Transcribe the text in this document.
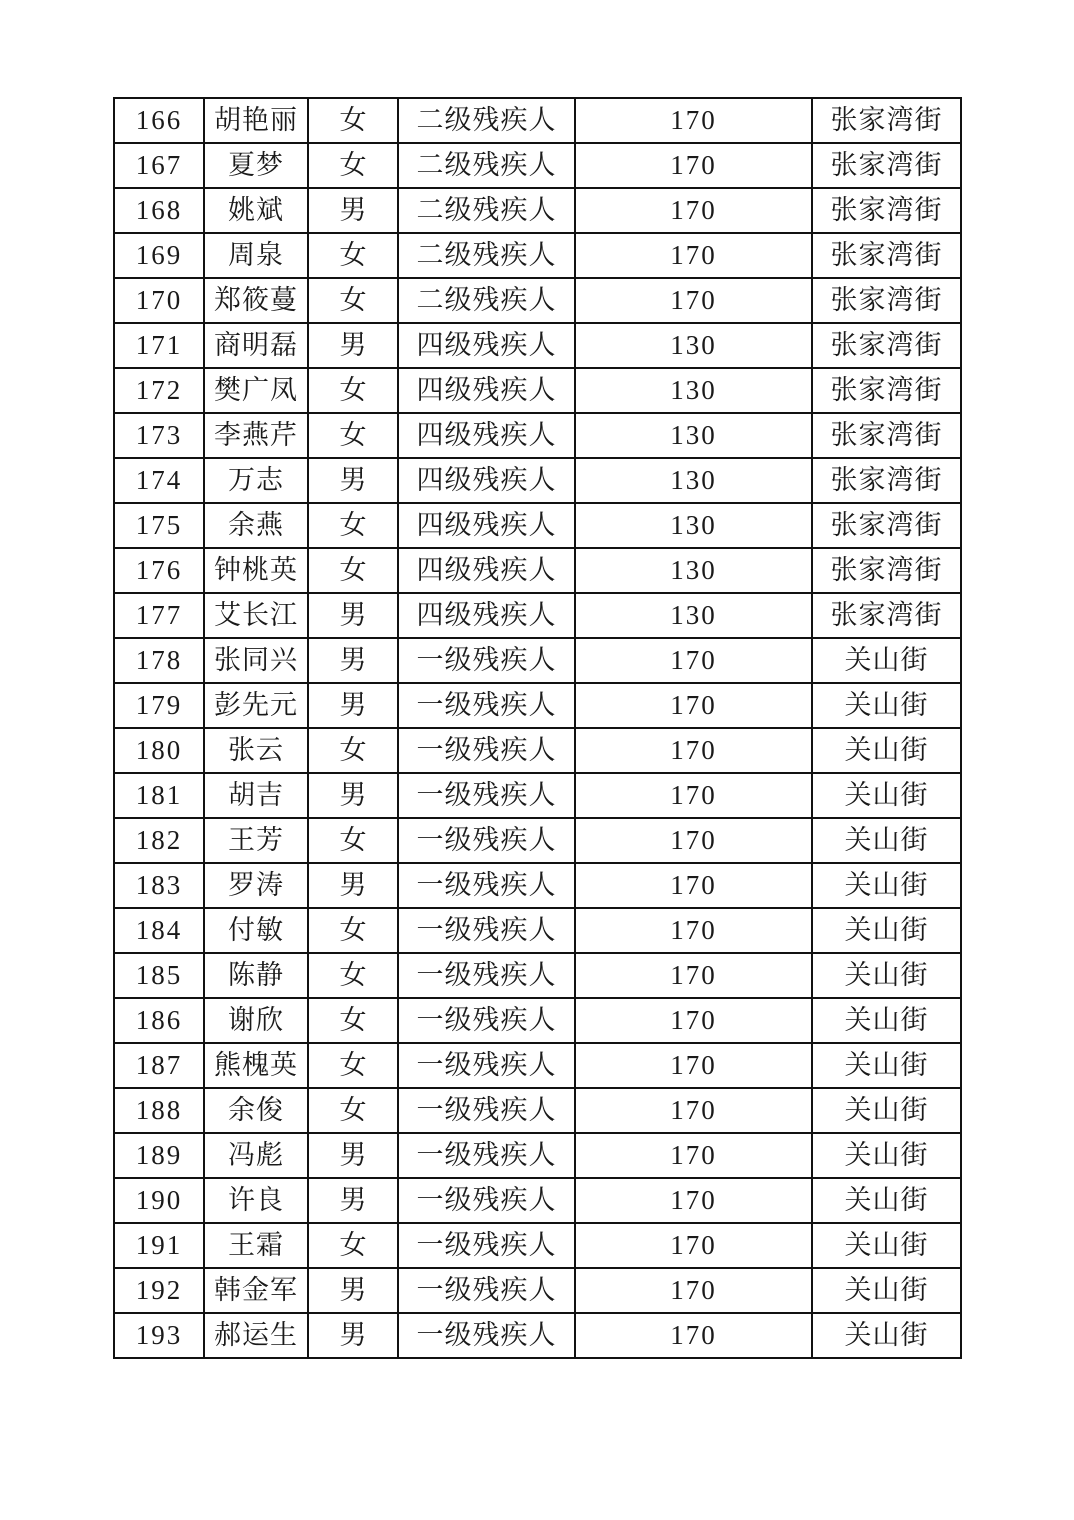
166	胡艳丽	女	二级残疾人	170	张家湾街
167	夏梦	女	二级残疾人	170	张家湾街
168	姚斌	男	二级残疾人	170	张家湾街
169	周泉	女	二级残疾人	170	张家湾街
170	郑筱蔓	女	二级残疾人	170	张家湾街
171	商明磊	男	四级残疾人	130	张家湾街
172	樊广凤	女	四级残疾人	130	张家湾街
173	李燕芹	女	四级残疾人	130	张家湾街
174	万志	男	四级残疾人	130	张家湾街
175	余燕	女	四级残疾人	130	张家湾街
176	钟桃英	女	四级残疾人	130	张家湾街
177	艾长江	男	四级残疾人	130	张家湾街
178	张同兴	男	一级残疾人	170	关山街
179	彭先元	男	一级残疾人	170	关山街
180	张云	女	一级残疾人	170	关山街
181	胡吉	男	一级残疾人	170	关山街
182	王芳	女	一级残疾人	170	关山街
183	罗涛	男	一级残疾人	170	关山街
184	付敏	女	一级残疾人	170	关山街
185	陈静	女	一级残疾人	170	关山街
186	谢欣	女	一级残疾人	170	关山街
187	熊槐英	女	一级残疾人	170	关山街
188	余俊	女	一级残疾人	170	关山街
189	冯彪	男	一级残疾人	170	关山街
190	许良	男	一级残疾人	170	关山街
191	王霜	女	一级残疾人	170	关山街
192	韩金军	男	一级残疾人	170	关山街
193	郝运生	男	一级残疾人	170	关山街
